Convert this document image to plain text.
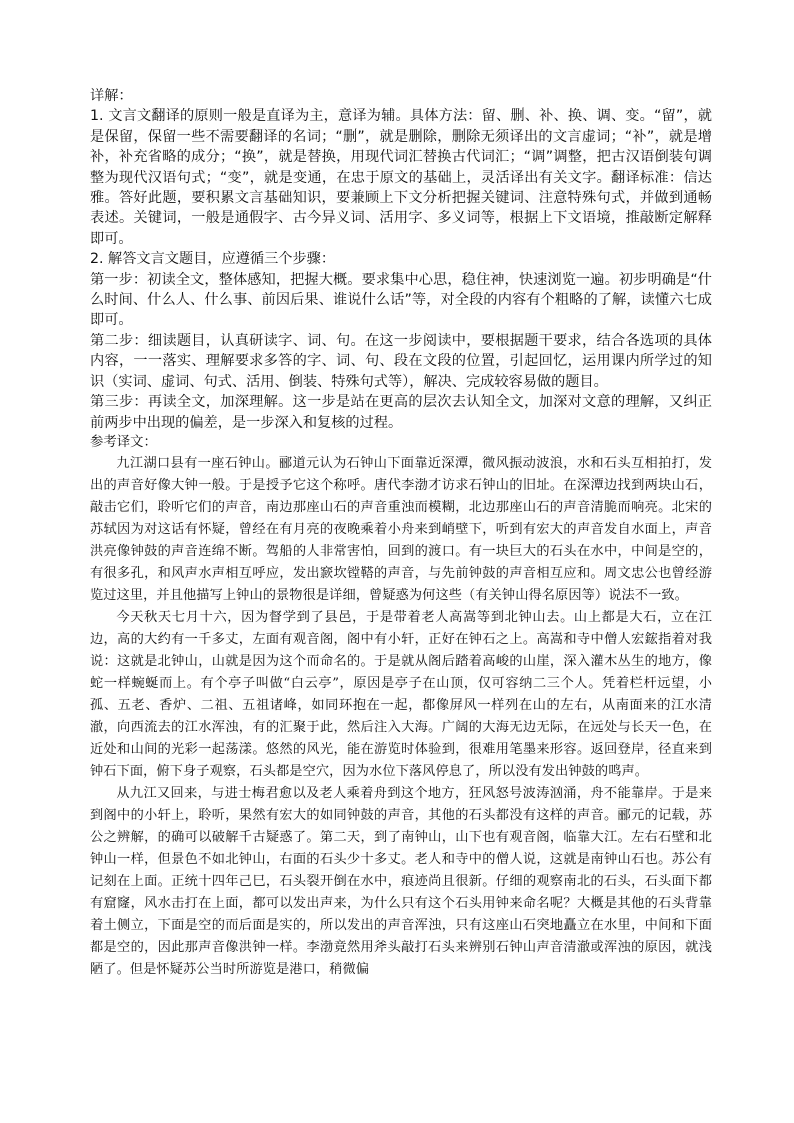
详解：

1. 文言文翻译的原则一般是直译为主，意译为辅。具体方法：留、删、补、换、调、变。“留”，就是保留，保留一些不需要翻译的名词；“删”，就是删除，删除无须译出的文言虚词；“补”，就是增补，补充省略的成分；“换”，就是替换，用现代词汇替换古代词汇；“调”调整，把古汉语倒装句调整为现代汉语句式；“变”，就是变通，在忠于原文的基础上，灵活译出有关文字。翻译标准：信达雅。答好此题，要积累文言基础知识，要兼顾上下文分析把握关键词、注意特殊句式，并做到通畅表述。关键词，一般是通假字、古今异义词、活用字、多义词等，根据上下文语境，推敲断定解释即可。

2. 解答文言文题目，应遵循三个步骤：

第一步：初读全文，整体感知，把握大概。要求集中心思，稳住神，快速浏览一遍。初步明确是“什么时间、什么人、什么事、前因后果、谁说什么话”等，对全段的内容有个粗略的了解，读懂六七成即可。

第二步：细读题目，认真研读字、词、句。在这一步阅读中，要根据题干要求，结合各选项的具体内容，一一落实、理解要求多答的字、词、句、段在文段的位置，引起回忆，运用课内所学过的知识（实词、虚词、句式、活用、倒装、特殊句式等），解决、完成较容易做的题目。

第三步：再读全文，加深理解。这一步是站在更高的层次去认知全文，加深对文意的理解，又纠正前两步中出现的偏差，是一步深入和复核的过程。

参考译文：

九江湖口县有一座石钟山。郦道元认为石钟山下面靠近深潭，微风振动波浪，水和石头互相拍打，发出的声音好像大钟一般。于是授予它这个称呼。唐代李渤才访求石钟山的旧址。在深潭边找到两块山石，敲击它们，聆听它们的声音，南边那座山石的声音重浊而模糊，北边那座山石的声音清脆而响亮。北宋的苏轼因为对这话有怀疑，曾经在有月亮的夜晚乘着小舟来到峭壁下，听到有宏大的声音发自水面上，声音洪亮像钟鼓的声音连绵不断。驾船的人非常害怕，回到的渡口。有一块巨大的石头在水中，中间是空的，有很多孔，和风声水声相互呼应，发出窾坎镗鞳的声音，与先前钟鼓的声音相互应和。周文忠公也曾经游览过这里，并且他描写上钟山的景物很是详细，曾疑惑为何这些（有关钟山得名原因等）说法不一致。

今天秋天七月十六，因为督学到了县邑，于是带着老人高嵩等到北钟山去。山上都是大石，立在江边，高的大约有一千多丈，左面有观音阁，阁中有小轩，正好在钟石之上。高嵩和寺中僧人宏鋐指着对我说：这就是北钟山，山就是因为这个而命名的。于是就从阁后踏着高峻的山崖，深入灌木丛生的地方，像蛇一样蜿蜒而上。有个亭子叫做“白云亭”，原因是亭子在山顶，仅可容纳二三个人。凭着栏杆远望，小孤、五老、香炉、二祖、五祖诸峰，如同环抱在一起，都像屏风一样列在山的左右，从南面来的江水清澈，向西流去的江水浑浊，有的汇聚于此，然后注入大海。广阔的大海无边无际，在远处与长天一色，在近处和山间的光彩一起荡漾。悠然的风光，能在游览时体验到，很难用笔墨来形容。返回登岸，径直来到钟石下面，俯下身子观察，石头都是空穴，因为水位下落风停息了，所以没有发出钟鼓的鸣声。

从九江又回来，与进士梅君愈以及老人乘着舟到这个地方，狂风怒号波涛汹涌，舟不能靠岸。于是来到阁中的小轩上，聆听，果然有宏大的如同钟鼓的声音，其他的石头都没有这样的声音。郦元的记载，苏公之辨解，的确可以破解千古疑惑了。第二天，到了南钟山，山下也有观音阁，临靠大江。左右石壁和北钟山一样，但景色不如北钟山，右面的石头少十多丈。老人和寺中的僧人说，这就是南钟山石也。苏公有记刻在上面。正统十四年己巳，石头裂开倒在水中，痕迹尚且很新。仔细的观察南北的石头，石头面下都有窟窿，风水击打在上面，都可以发出声来，为什么只有这个石头用钟来命名呢？大概是其他的石头背靠着土侧立，下面是空的而后面是实的，所以发出的声音浑浊，只有这座山石突地矗立在水里，中间和下面都是空的，因此那声音像洪钟一样。李渤竟然用斧头敲打石头来辨别石钟山声音清澈或浑浊的原因，就浅陋了。但是怀疑苏公当时所游览是港口，稍微偏
